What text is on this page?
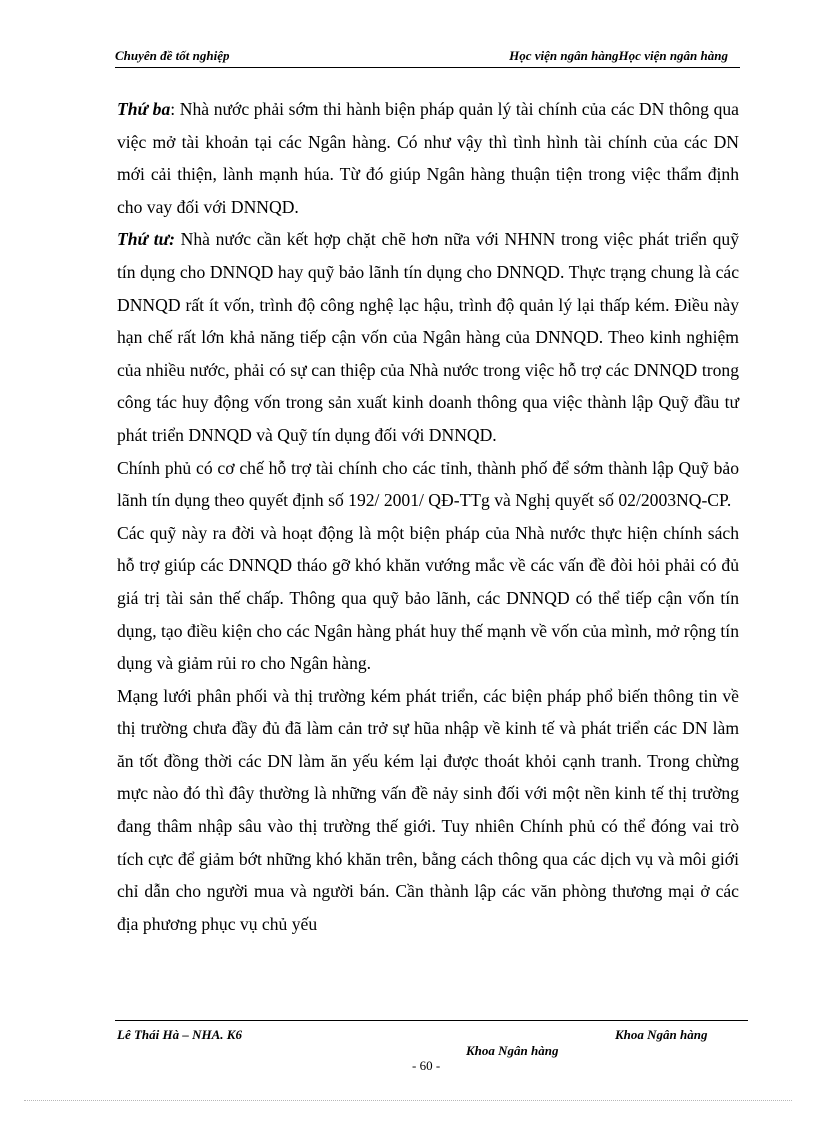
Chuyên đề tốt nghiệp	Học viện ngân hàngHọc viện ngân hàng

Thứ ba: Nhà nước phải sớm thi hành biện pháp quản lý tài chính của các DN thông qua việc mở tài khoản tại các Ngân hàng. Có như vậy thì tình hình tài chính của các DN mới cải thiện, lành mạnh húa. Từ đó giúp Ngân hàng thuận tiện trong việc thẩm định cho vay đối với DNNQD.

Thứ tư: Nhà nước cần kết hợp chặt chẽ hơn nữa với NHNN trong việc phát triển quỹ tín dụng cho DNNQD hay quỹ bảo lãnh tín dụng cho DNNQD. Thực trạng chung là các DNNQD rất ít vốn, trình độ công nghệ lạc hậu, trình độ quản lý lại thấp kém. Điều này hạn chế rất lớn khả năng tiếp cận vốn của Ngân hàng của DNNQD. Theo kinh nghiệm của nhiều nước, phải có sự can thiệp của Nhà nước trong việc hỗ trợ các DNNQD trong công tác huy động vốn trong sản xuất kinh doanh thông qua việc thành lập Quỹ đầu tư phát triển DNNQD và Quỹ tín dụng đối với DNNQD.

Chính phủ có cơ chế hỗ trợ tài chính cho các tỉnh, thành phố để sớm thành lập Quỹ bảo lãnh tín dụng theo quyết định số 192/ 2001/ QĐ-TTg và Nghị quyết số 02/2003NQ-CP.

Các quỹ này ra đời và hoạt động là một biện pháp của Nhà nước thực hiện chính sách hỗ trợ giúp các DNNQD tháo gỡ khó khăn vướng mắc về các vấn đề đòi hỏi phải có đủ giá trị tài sản thế chấp. Thông qua quỹ bảo lãnh, các DNNQD có thể tiếp cận vốn tín dụng, tạo điều kiện cho các Ngân hàng phát huy thế mạnh về vốn của mình, mở rộng tín dụng và giảm rủi ro cho Ngân hàng.

Mạng lưới phân phối và thị trường kém phát triển, các biện pháp phổ biến thông tin về thị trường chưa đầy đủ đã làm cản trở sự hũa nhập về kinh tế và phát triển các DN làm ăn tốt đồng thời các DN làm ăn yếu kém lại được thoát khỏi cạnh tranh. Trong chừng mực nào đó thì đây thường là những vấn đề nảy sinh đối với một nền kinh tế thị trường đang thâm nhập sâu vào thị trường thế giới. Tuy nhiên Chính phủ có thể đóng vai trò tích cực để giảm bớt những khó khăn trên, bằng cách thông qua các dịch vụ và môi giới chỉ dẫn cho người mua và người bán. Cần thành lập các văn phòng thương mại ở các địa phương phục vụ chủ yếu

Lê Thái Hà – NHA. K6	Khoa Ngân hàng
Khoa Ngân hàng
- 60 -
